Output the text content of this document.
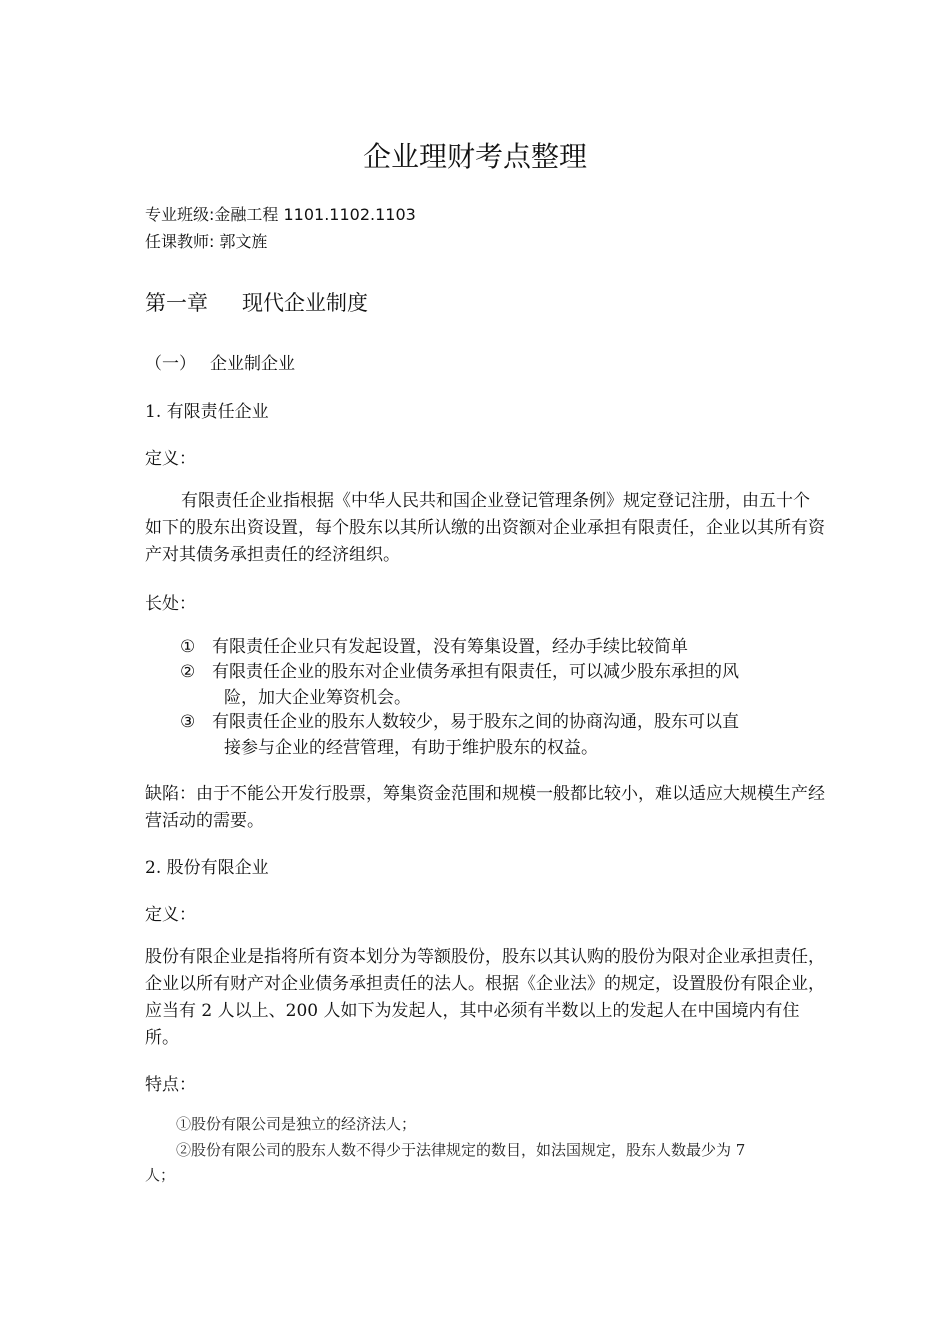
企业理财考点整理
专业班级:金融工程 1101.1102.1103
任课教师: 郭文旌
第一章 现代企业制度
（一） 企业制企业
1. 有限责任企业
定义：
有限责任企业指根据《中华人民共和国企业登记管理条例》规定登记注册，由五十个如下的股东出资设置，每个股东以其所认缴的出资额对企业承担有限责任，企业以其所有资产对其债务承担责任的经济组织。
长处：
① 有限责任企业只有发起设置，没有筹集设置，经办手续比较简单
② 有限责任企业的股东对企业债务承担有限责任，可以减少股东承担的风
险，加大企业筹资机会。
③ 有限责任企业的股东人数较少，易于股东之间的协商沟通，股东可以直
接参与企业的经营管理，有助于维护股东的权益。
缺陷：由于不能公开发行股票，筹集资金范围和规模一般都比较小，难以适应大规模生产经营活动的需要。
2. 股份有限企业
定义：
股份有限企业是指将所有资本划分为等额股份，股东以其认购的股份为限对企业承担责任，企业以所有财产对企业债务承担责任的法人。根据《企业法》的规定，设置股份有限企业，应当有 2 人以上、200 人如下为发起人，其中必须有半数以上的发起人在中国境内有住所。
特点：
①股份有限公司是独立的经济法人；
②股份有限公司的股东人数不得少于法律规定的数目，如法国规定，股东人数最少为 7
人；
